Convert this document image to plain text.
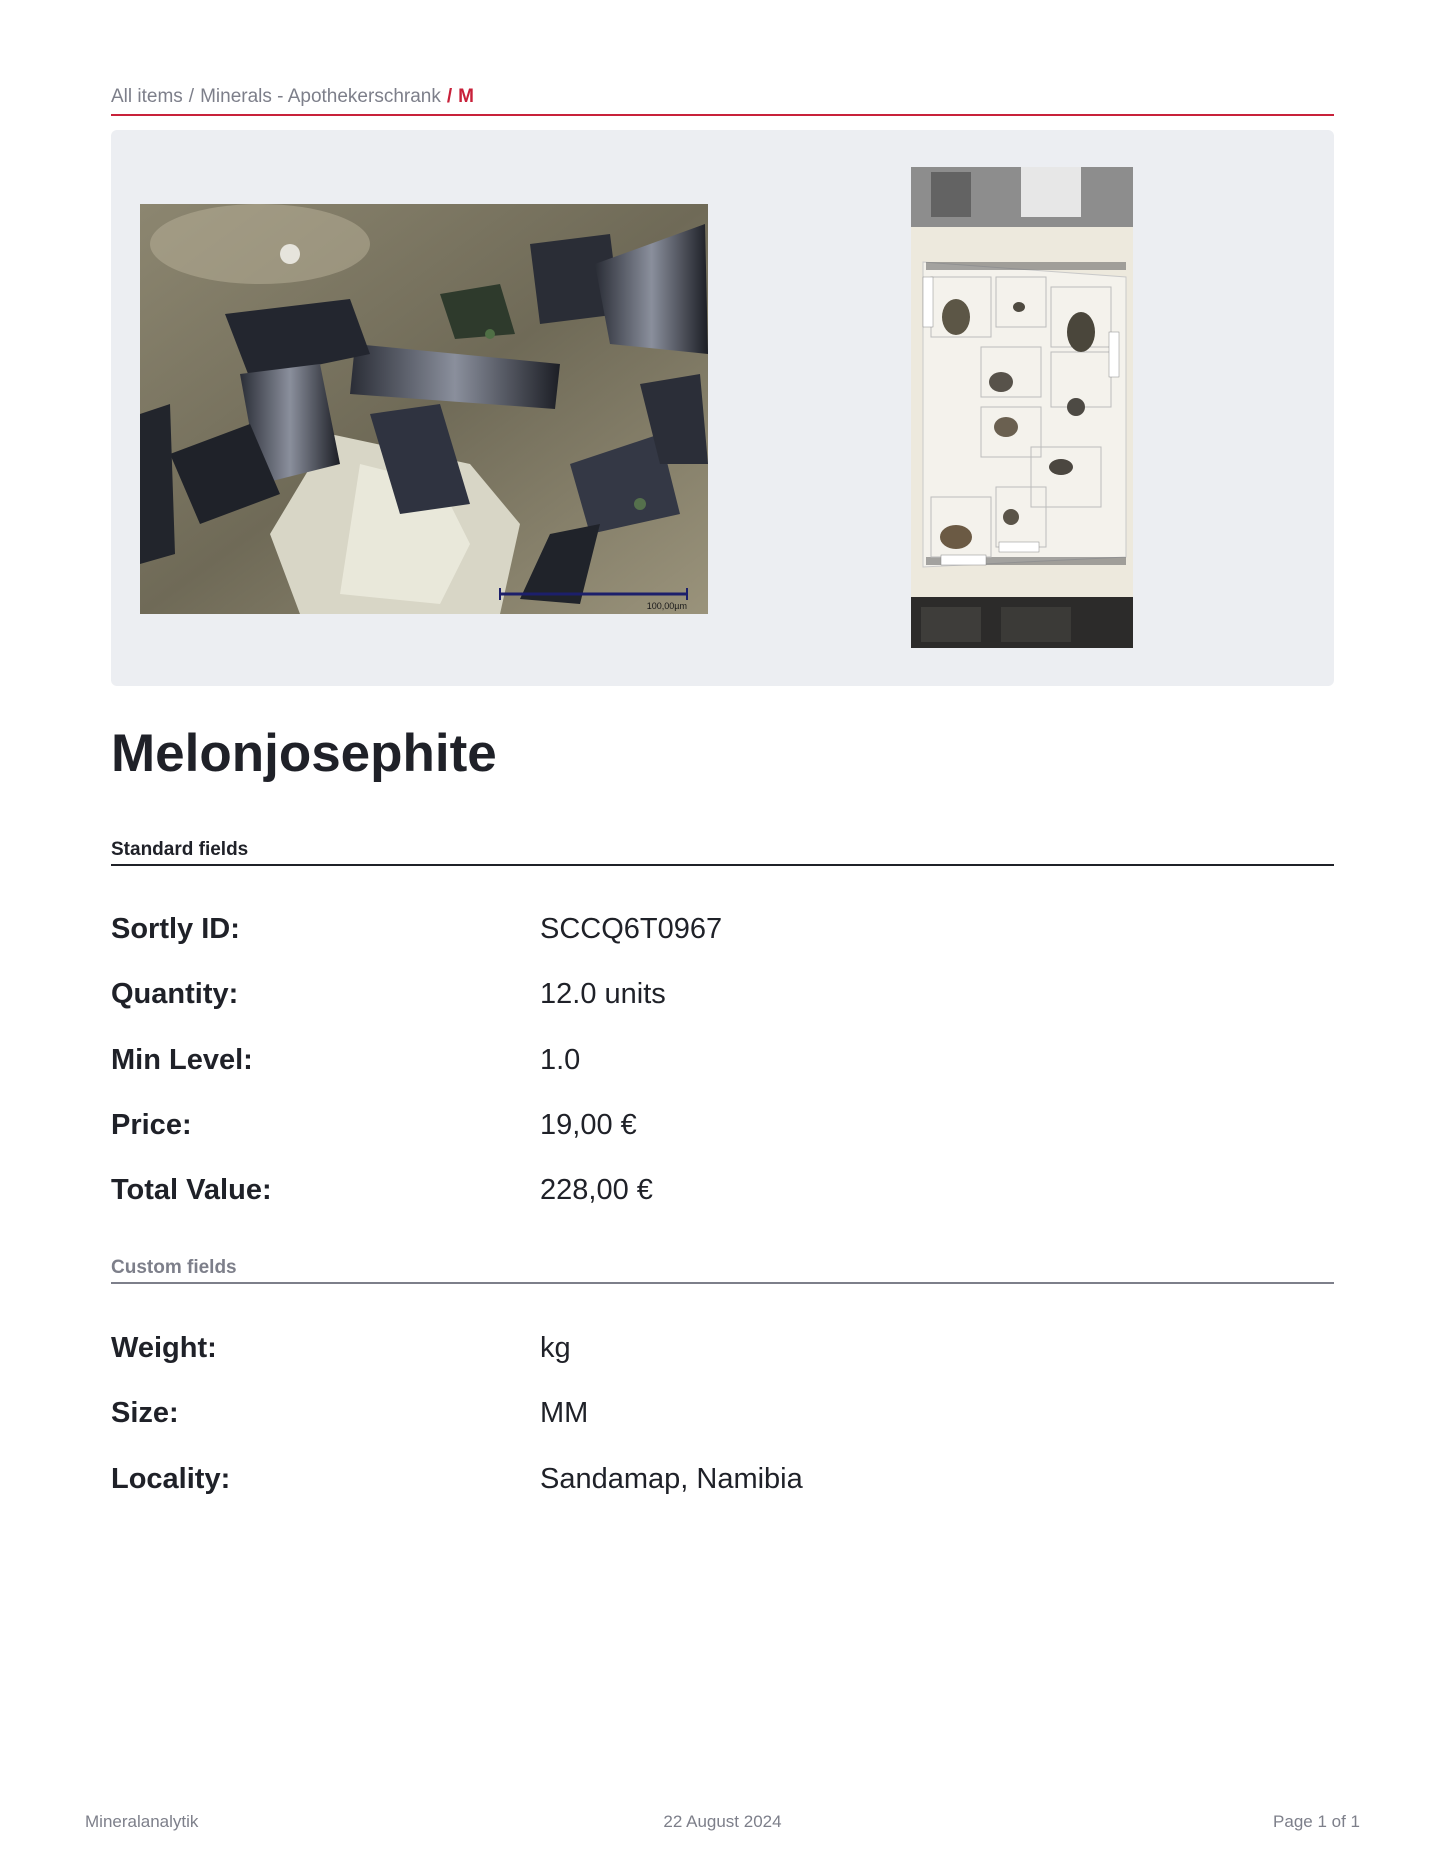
All items / Minerals - Apothekerschrank / M
100,00µm
Melonjosephite
Standard fields
Sortly ID:	SCCQ6T0967
Quantity:	12.0 units
Min Level:	1.0
Price:	19,00 €
Total Value:	228,00 €
Custom fields
Weight:	kg
Size:	MM
Locality:	Sandamap, Namibia
Mineralanalytik	22 August 2024	Page 1 of 1
